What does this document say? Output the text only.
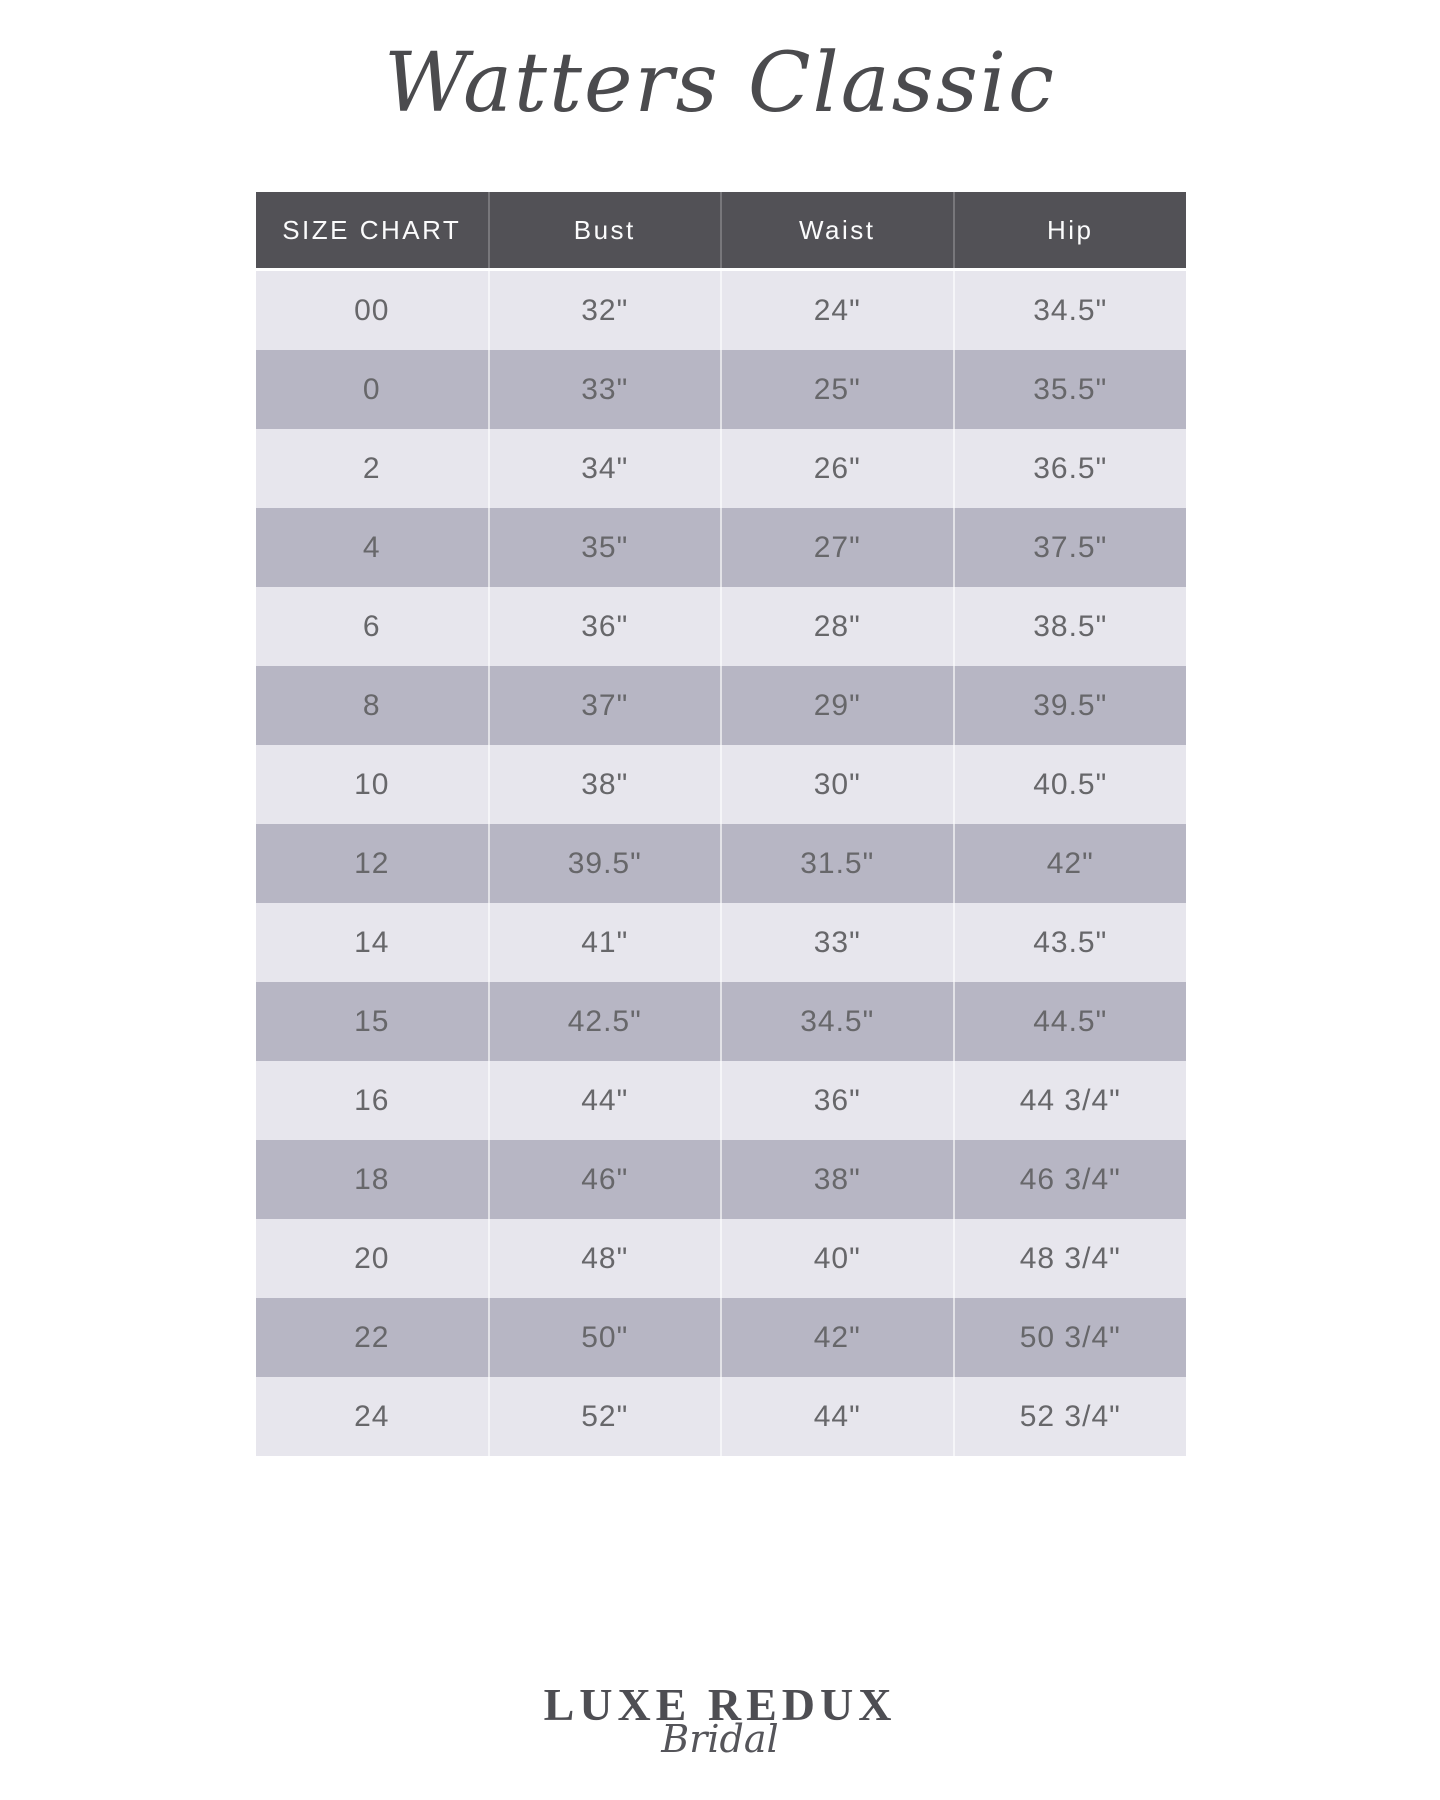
Watters Classic
SIZE CHART	Bust	Waist	Hip
00	32"	24"	34.5"
0	33"	25"	35.5"
2	34"	26"	36.5"
4	35"	27"	37.5"
6	36"	28"	38.5"
8	37"	29"	39.5"
10	38"	30"	40.5"
12	39.5"	31.5"	42"
14	41"	33"	43.5"
15	42.5"	34.5"	44.5"
16	44"	36"	44 3/4"
18	46"	38"	46 3/4"
20	48"	40"	48 3/4"
22	50"	42"	50 3/4"
24	52"	44"	52 3/4"
LUXE REDUX
Bridal
